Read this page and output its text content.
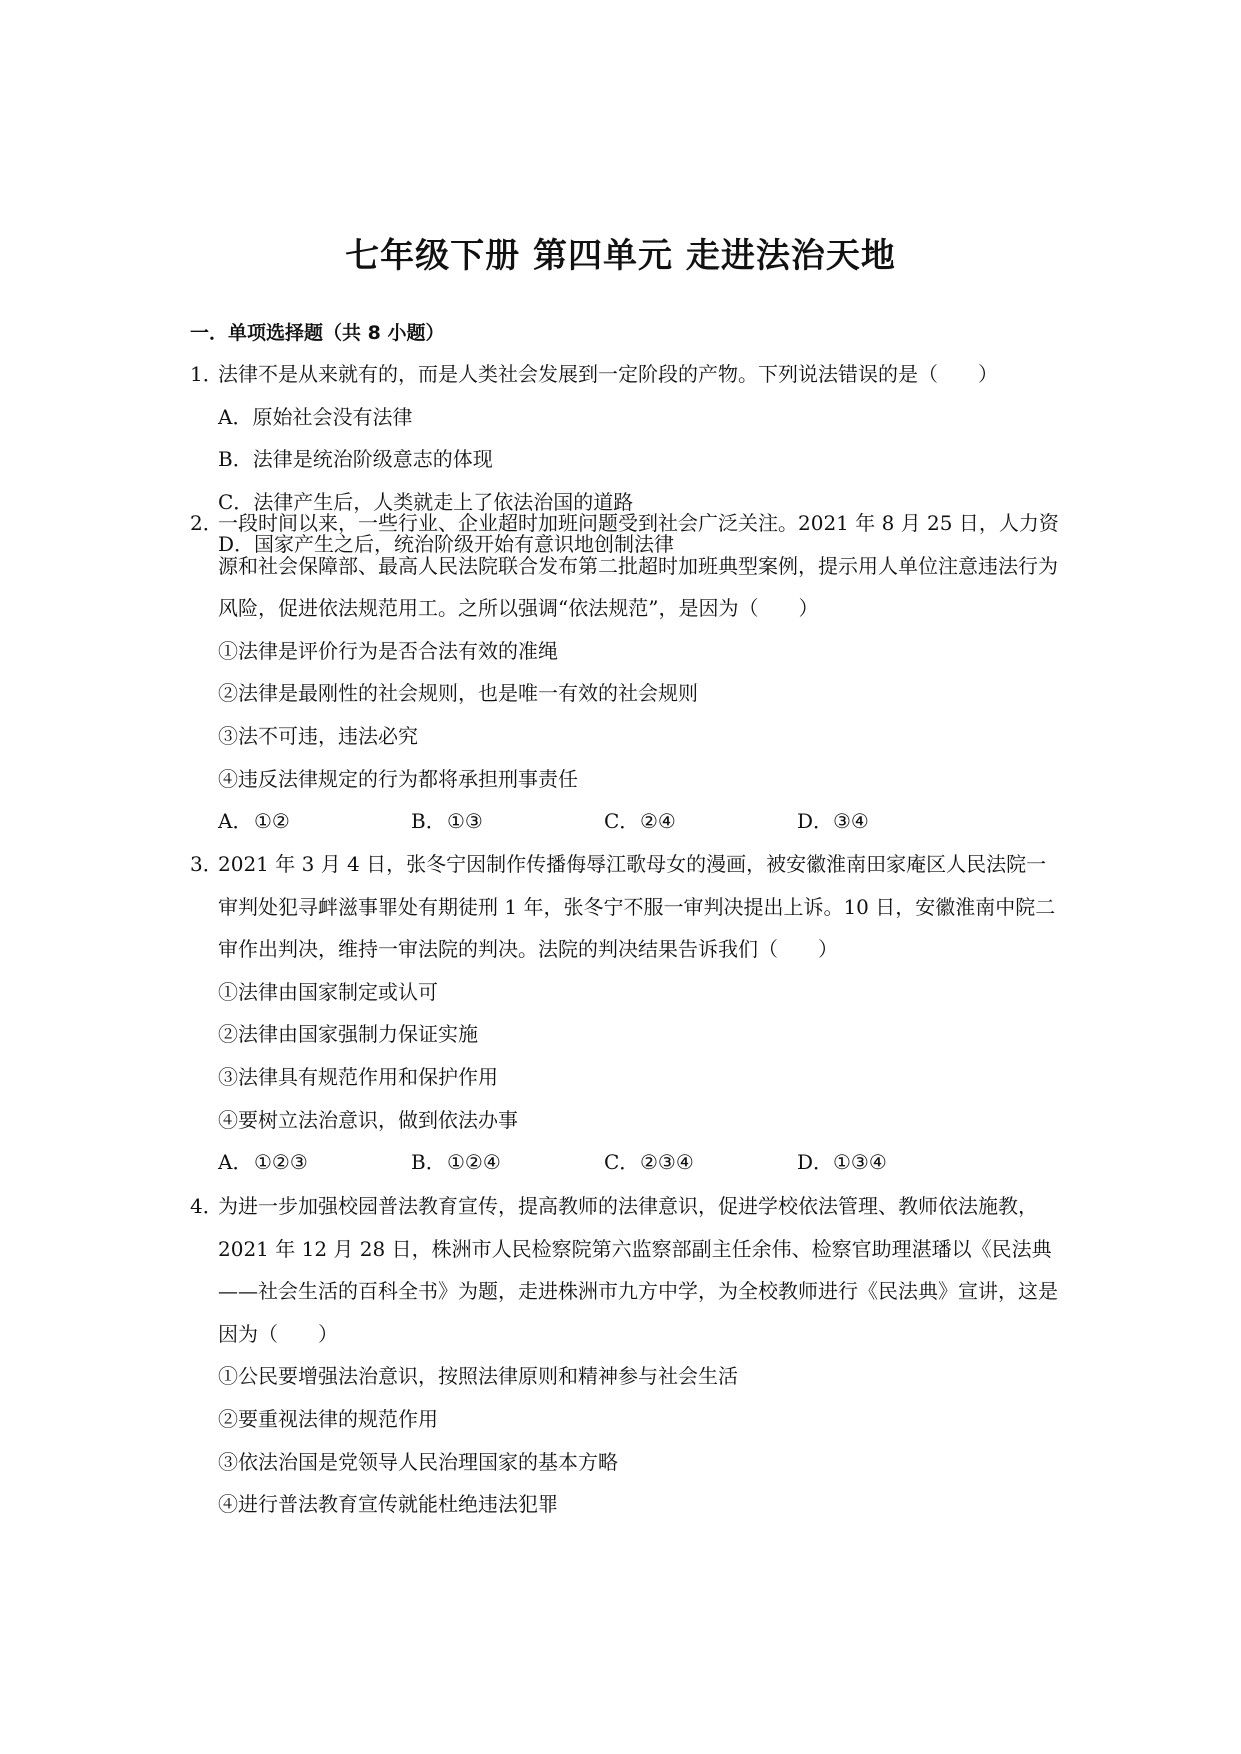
七年级下册 第四单元 走进法治天地
一．单项选择题（共 8 小题）
1．法律不是从来就有的，而是人类社会发展到一定阶段的产物。下列说法错误的是（　　）
A．原始社会没有法律
B．法律是统治阶级意志的体现
C．法律产生后，人类就走上了依法治国的道路
D．国家产生之后，统治阶级开始有意识地创制法律
2．一段时间以来，一些行业、企业超时加班问题受到社会广泛关注。2021 年 8 月 25 日，人力资源和社会保障部、最高人民法院联合发布第二批超时加班典型案例，提示用人单位注意违法行为风险，促进依法规范用工。之所以强调“依法规范”，是因为（　　）
①法律是评价行为是否合法有效的准绳
②法律是最刚性的社会规则，也是唯一有效的社会规则
③法不可违，违法必究
④违反法律规定的行为都将承担刑事责任
A．①②	B．①③	C．②④	D．③④
3．2021 年 3 月 4 日，张冬宁因制作传播侮辱江歌母女的漫画，被安徽淮南田家庵区人民法院一审判处犯寻衅滋事罪处有期徒刑 1 年，张冬宁不服一审判决提出上诉。10 日，安徽淮南中院二审作出判决，维持一审法院的判决。法院的判决结果告诉我们（　　）
①法律由国家制定或认可
②法律由国家强制力保证实施
③法律具有规范作用和保护作用
④要树立法治意识，做到依法办事
A．①②③	B．①②④	C．②③④	D．①③④
4．为进一步加强校园普法教育宣传，提高教师的法律意识，促进学校依法管理、教师依法施教，2021 年 12 月 28 日，株洲市人民检察院第六监察部副主任余伟、检察官助理湛璠以《民法典——社会生活的百科全书》为题，走进株洲市九方中学，为全校教师进行《民法典》宣讲，这是因为（　　）
①公民要增强法治意识，按照法律原则和精神参与社会生活
②要重视法律的规范作用
③依法治国是党领导人民治理国家的基本方略
④进行普法教育宣传就能杜绝违法犯罪
